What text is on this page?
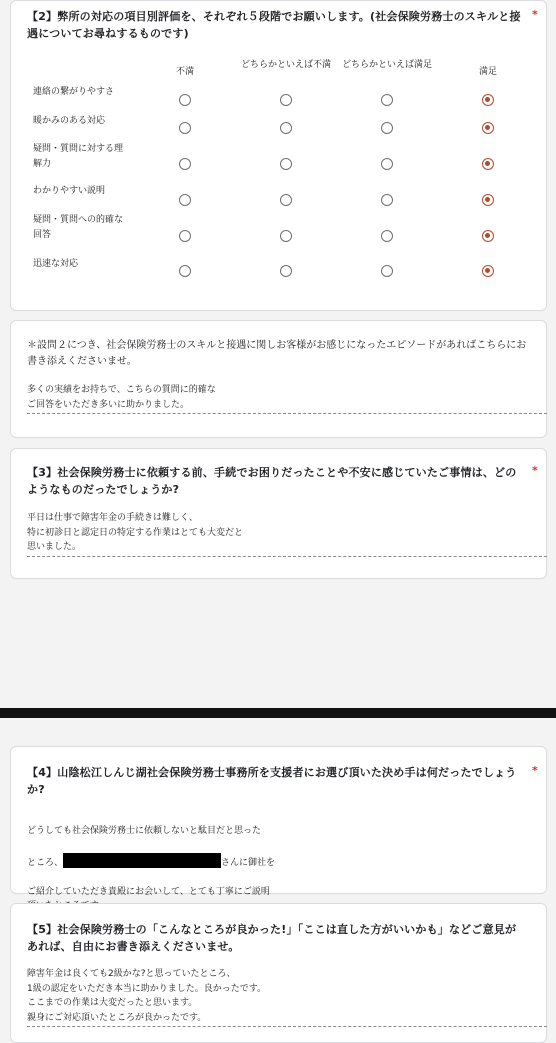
【2】弊所の対応の項目別評価を、それぞれ５段階でお願いします。(社会保険労務士のスキルと接遇についてお尋ねするものです)
*
不満
どちらかといえば不満	どちらかといえば満足
満足
連絡の繋がりやすさ
暖かみのある対応
疑問・質問に対する理解力
わかりやすい説明
疑問・質問への的確な回答
迅速な対応
＊設問２につき、社会保険労務士のスキルと接遇に関しお客様がお感じになったエピソードがあればこちらにお書き添えくださいませ。
多くの実績をお持ちで、こちらの質問に的確な
ご回答をいただき多いに助かりました。
【3】社会保険労務士に依頼する前、手続でお困りだったことや不安に感じていたご事情は、どのようなものだったでしょうか?
*
平日は仕事で障害年金の手続きは難しく、
特に初診日と認定日の特定する作業はとても大変だと
思いました。
【4】山陰松江しんじ湖社会保険労務士事務所を支援者にお選び頂いた決め手は何だったでしょうか?
*

どうしても社会保険労務士に依頼しないと駄目だと思った

ところ、	さんに御社を

ご紹介していただき貴殿にお会いして、とても丁寧にご説明

【5】社会保険労務士の「こんなところが良かった!」「ここは直した方がいいかも」などご意見があれば、自由にお書き添えくださいませ。
障害年金は良くても2級かな?と思っていたところ、
1級の認定をいただき本当に助かりました。良かったです。
ここまでの作業は大変だったと思います。
親身にご対応頂いたところが良かったです。
